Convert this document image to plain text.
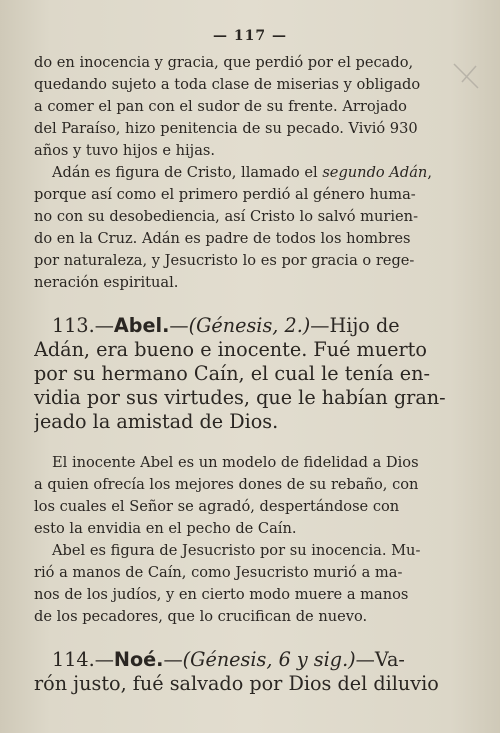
— 117 —
do en inocencia y gracia, que perdió por el pecado,
quedando sujeto a toda clase de miserias y obligado
a comer el pan con el sudor de su frente. Arrojado
del Paraíso, hizo penitencia de su pecado. Vivió 930
años y tuvo hijos e hijas.
Adán es figura de Cristo, llamado el segundo Adán,
porque así como el primero perdió al género huma-
no con su desobediencia, así Cristo lo salvó murien-
do en la Cruz. Adán es padre de todos los hombres
por naturaleza, y Jesucristo lo es por gracia o rege-
neración espiritual.
113.—Abel.—(Génesis, 2.)—Hijo de
Adán, era bueno e inocente. Fué muerto
por su hermano Caín, el cual le tenía en-
vidia por sus virtudes, que le habían gran-
jeado la amistad de Dios.
El inocente Abel es un modelo de fidelidad a Dios
a quien ofrecía los mejores dones de su rebaño, con
los cuales el Señor se agradó, despertándose con
esto la envidia en el pecho de Caín.
Abel es figura de Jesucristo por su inocencia. Mu-
rió a manos de Caín, como Jesucristo murió a ma-
nos de los judíos, y en cierto modo muere a manos
de los pecadores, que lo crucifican de nuevo.
114.—Noé.—(Génesis, 6 y sig.)—Va-
rón justo, fué salvado por Dios del diluvio
